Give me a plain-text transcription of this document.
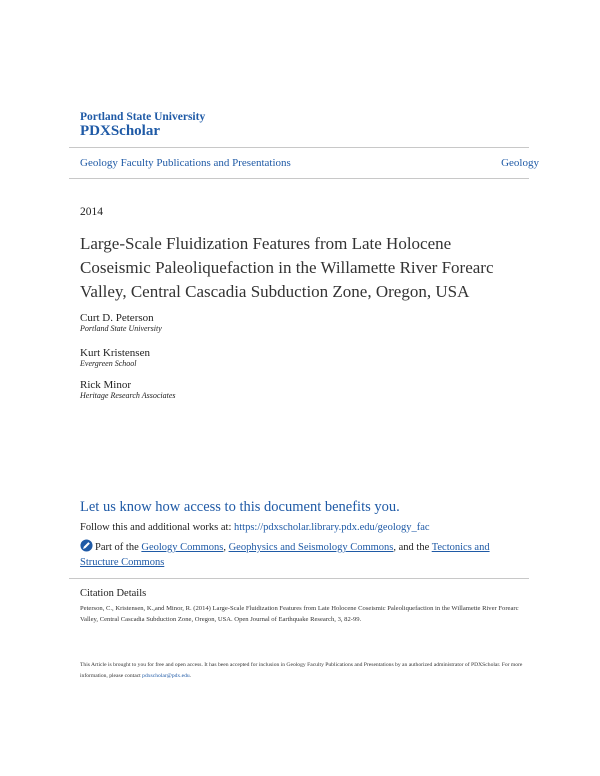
Portland State University
PDXScholar
Geology Faculty Publications and Presentations	Geology
2014
Large-Scale Fluidization Features from Late Holocene Coseismic Paleoliquefaction in the Willamette River Forearc Valley, Central Cascadia Subduction Zone, Oregon, USA
Curt D. Peterson
Portland State University
Kurt Kristensen
Evergreen School
Rick Minor
Heritage Research Associates
Let us know how access to this document benefits you.
Follow this and additional works at: https://pdxscholar.library.pdx.edu/geology_fac
Part of the Geology Commons, Geophysics and Seismology Commons, and the Tectonics and Structure Commons
Citation Details
Peterson, C., Kristensen, K.,and Minor, R. (2014) Large-Scale Fluidization Features from Late Holocene Coseismic Paleoliquefaction in the Willamette River Forearc Valley, Central Cascadia Subduction Zone, Oregon, USA. Open Journal of Earthquake Research, 3, 82-99.
This Article is brought to you for free and open access. It has been accepted for inclusion in Geology Faculty Publications and Presentations by an authorized administrator of PDXScholar. For more information, please contact pdxscholar@pdx.edu.
